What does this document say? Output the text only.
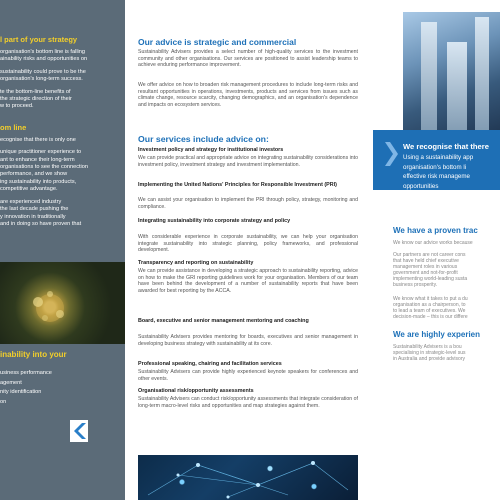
l part of your strategy

organisation's bottom line is falling
ainability risks and opportunities on

sustainability could prove to be the
organisation's long-term success.

te the bottom-line benefits of
the strategic direction of their
w to proceed.

om line

ecognise that there is only one

unique practitioner experience to
ant to enhance their long-term
organisations to see the connection
performance, and we show
ing sustainability into products,
competitive advantage.

are experienced industry
the last decade pushing the
y innovation in traditionally
and in doing so have proven that

inability into your
usiness performance
agement
nity identification
on
Our advice is strategic and commercial

Sustainability Advisers provides a select number of high-quality services to the investment community and other organisations. Our services are positioned to assist leadership teams to achieve enduring performance improvement.

We offer advice on how to broaden risk management procedures to include long-term risks and resultant opportunities in operations, investments, products and services from issues such as climate change, resource scarcity, changing demographics, and an organisation's dependence and impacts on ecosystem services.

Our services include advice on:

Investment policy and strategy for institutional investors

We can provide practical and appropriate advice on integrating sustainability considerations into investment policy, investment strategy and investment implementation.

Implementing the United Nations' Principles for Responsible Investment (PRI)

We can assist your organisation to implement the PRI through policy, strategy, monitoring and compliance.

Integrating sustainability into corporate strategy and policy

With considerable experience in corporate sustainability, we can help your organisation integrate sustainability into strategic planning, policy frameworks, and professional development.

Transparency and reporting on sustainability

We can provide assistance in developing a strategic approach to sustainability reporting, advice on how to make the GRI reporting guidelines work for your organisation. Members of our team have been behind the development of a number of sustainability reports that have been awarded for best reporting by the ACCA.

Board, executive and senior management mentoring and coaching

Sustainability Advisers provides mentoring for boards, executives and senior management in developing business strategy with sustainability at its core.

Professional speaking, chairing and facilitation services

Sustainability Advisers can provide highly experienced keynote speakers for conferences and other events.

Organisational risk/opportunity assessments

Sustainability Advisers can conduct risk/opportunity assessments that integrate consideration of long-term macro-level risks and opportunities and map strategies against them.

We recognise that there
Using a sustainability app
organisation's bottom li
effective risk manageme
opportunities
We have a proven trac
We know our advice works because
Our partners are not career cons
that have held chief executive
management roles in various
government and not-for-profit
implementing world-leading susta
business prosperity.
We know what it takes to put a du
organisation as a chairperson, to
to lead a team of executives. We
decision-made – this is our differe
We are highly experien
Sustainability Advisers is a bou
specialising in strategic-level sus
in Australia and provide advisory
